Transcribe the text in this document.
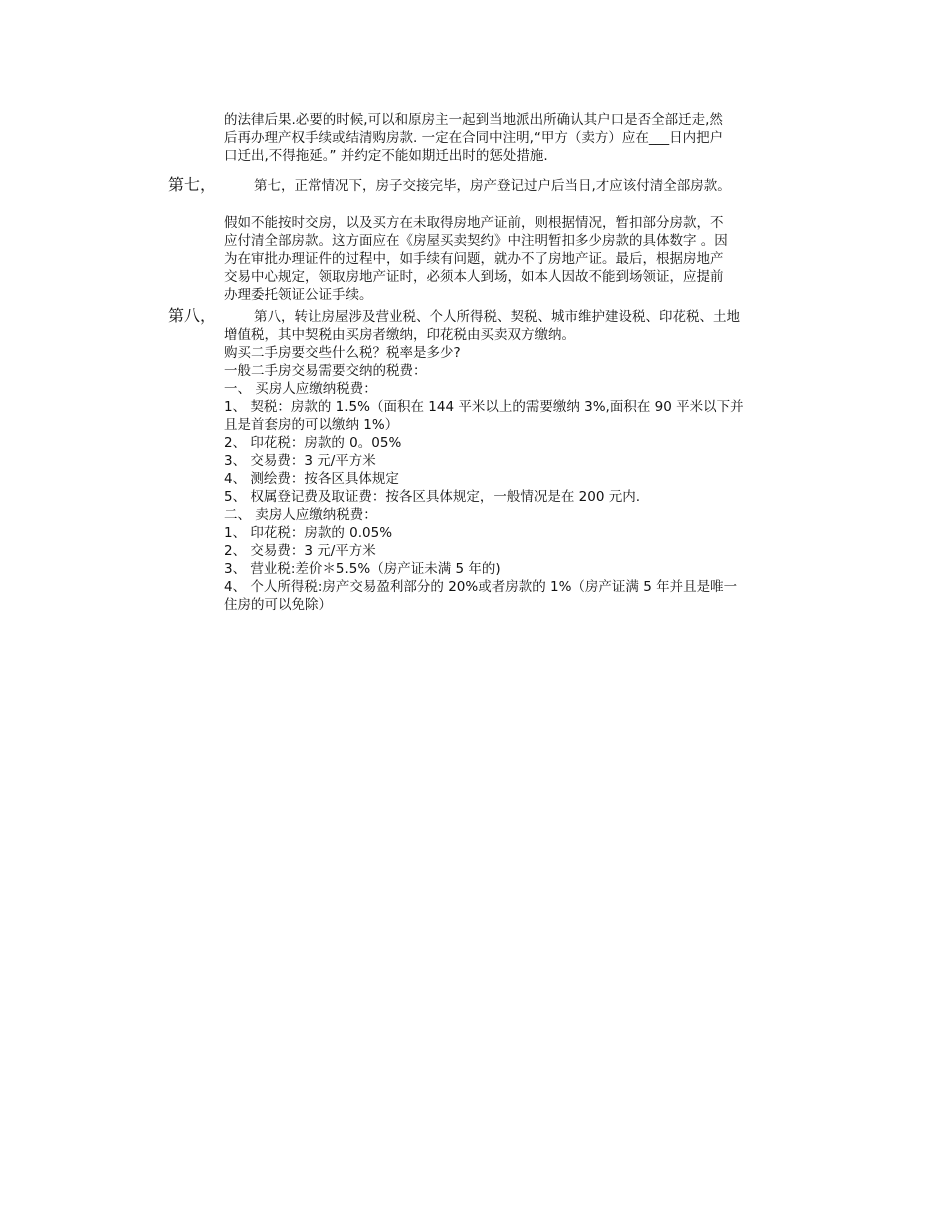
的法律后果.必要的时候,可以和原房主一起到当地派出所确认其户口是否全部迁走,然
后再办理产权手续或结清购房款. 一定在合同中注明,“甲方（卖方）应在___日内把户
口迁出,不得拖延。” 并约定不能如期迁出时的惩处措施.
第七，	第七，正常情况下，房子交接完毕，房产登记过户后当日,才应该付清全部房款。
假如不能按时交房，以及买方在未取得房地产证前，则根据情况，暂扣部分房款，不
应付清全部房款。这方面应在《房屋买卖契约》中注明暂扣多少房款的具体数字 。因
为在审批办理证件的过程中，如手续有问题，就办不了房地产证。最后，根据房地产
交易中心规定，领取房地产证时，必须本人到场，如本人因故不能到场领证，应提前
办理委托领证公证手续。
第八，	第八，转让房屋涉及营业税、个人所得税、契税、城市维护建设税、印花税、土地
增值税，其中契税由买房者缴纳，印花税由买卖双方缴纳。
购买二手房要交些什么税？税率是多少?
一般二手房交易需要交纳的税费：
一、 买房人应缴纳税费：
1、 契税：房款的 1.5%（面积在 144 平米以上的需要缴纳 3%,面积在 90 平米以下并
且是首套房的可以缴纳 1%）
2、 印花税：房款的 0。05%
3、 交易费：3 元/平方米
4、 测绘费：按各区具体规定
5、 权属登记费及取证费：按各区具体规定，一般情况是在 200 元内.
二、 卖房人应缴纳税费：
1、 印花税：房款的 0.05%
2、 交易费：3 元/平方米
3、 营业税:差价＊5.5%（房产证未满 5 年的)
4、 个人所得税:房产交易盈利部分的 20%或者房款的 1%（房产证满 5 年并且是唯一
住房的可以免除）
